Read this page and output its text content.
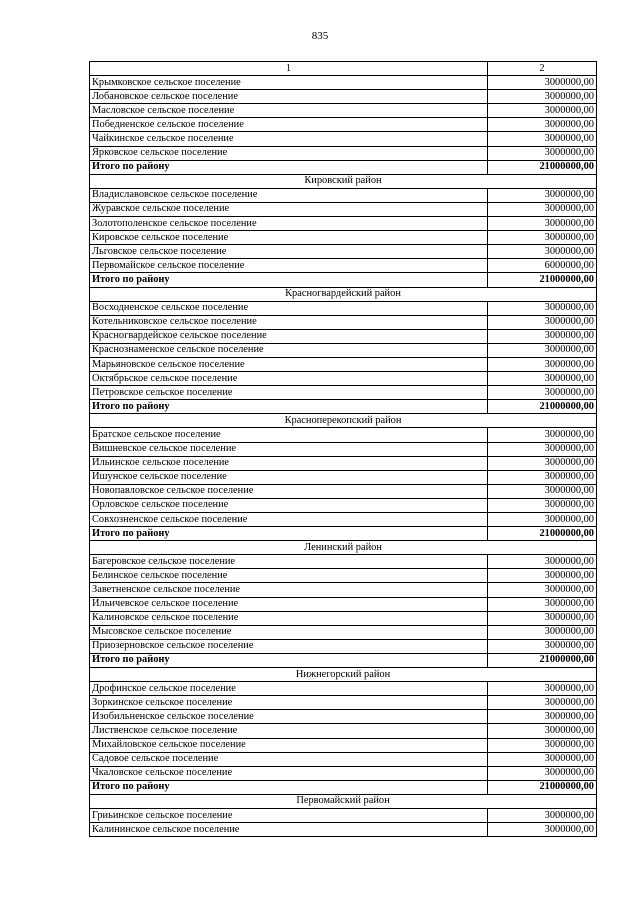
835
1	2
Крымковское сельское поселение	3000000,00
Лобановское сельское поселение	3000000,00
Масловское сельское поселение	3000000,00
Победненское сельское поселение	3000000,00
Чайкинское сельское поселение	3000000,00
Ярковское сельское поселение	3000000,00
Итого по району	21000000,00
Кировский район	
Владиславовское сельское поселение	3000000,00
Журавское сельское поселение	3000000,00
Золотополенское сельское поселение	3000000,00
Кировское сельское поселение	3000000,00
Льговское сельское поселение	3000000,00
Первомайское сельское поселение	6000000,00
Итого по району	21000000,00
Красногвардейский район	
Восходненское сельское поселение	3000000,00
Котельниковское сельское поселение	3000000,00
Красногвардейское сельское поселение	3000000,00
Краснознаменское сельское поселение	3000000,00
Марьяновское сельское поселение	3000000,00
Октябрьское сельское поселение	3000000,00
Петровское сельское поселение	3000000,00
Итого по району	21000000,00
Красноперекопский район	
Братское сельское поселение	3000000,00
Вишневское сельское поселение	3000000,00
Ильинское сельское поселение	3000000,00
Ишунское сельское поселение	3000000,00
Новопавловское сельское поселение	3000000,00
Орловское сельское поселение	3000000,00
Совхозненское сельское поселение	3000000,00
Итого по району	21000000,00
Ленинский район	
Багеровское сельское поселение	3000000,00
Белинское сельское поселение	3000000,00
Заветненское сельское поселение	3000000,00
Ильичевское сельское поселение	3000000,00
Калиновское сельское поселение	3000000,00
Мысовское сельское поселение	3000000,00
Приозерновское сельское поселение	3000000,00
Итого по району	21000000,00
Нижнегорский район	
Дрофинское сельское поселение	3000000,00
Зоркинское сельское поселение	3000000,00
Изобильненское сельское поселение	3000000,00
Лиственское сельское поселение	3000000,00
Михайловское сельское поселение	3000000,00
Садовое сельское поселение	3000000,00
Чкаловское сельское поселение	3000000,00
Итого по району	21000000,00
Первомайский район	
Гриьинское сельское поселение	3000000,00
Калининское сельское поселение	3000000,00
